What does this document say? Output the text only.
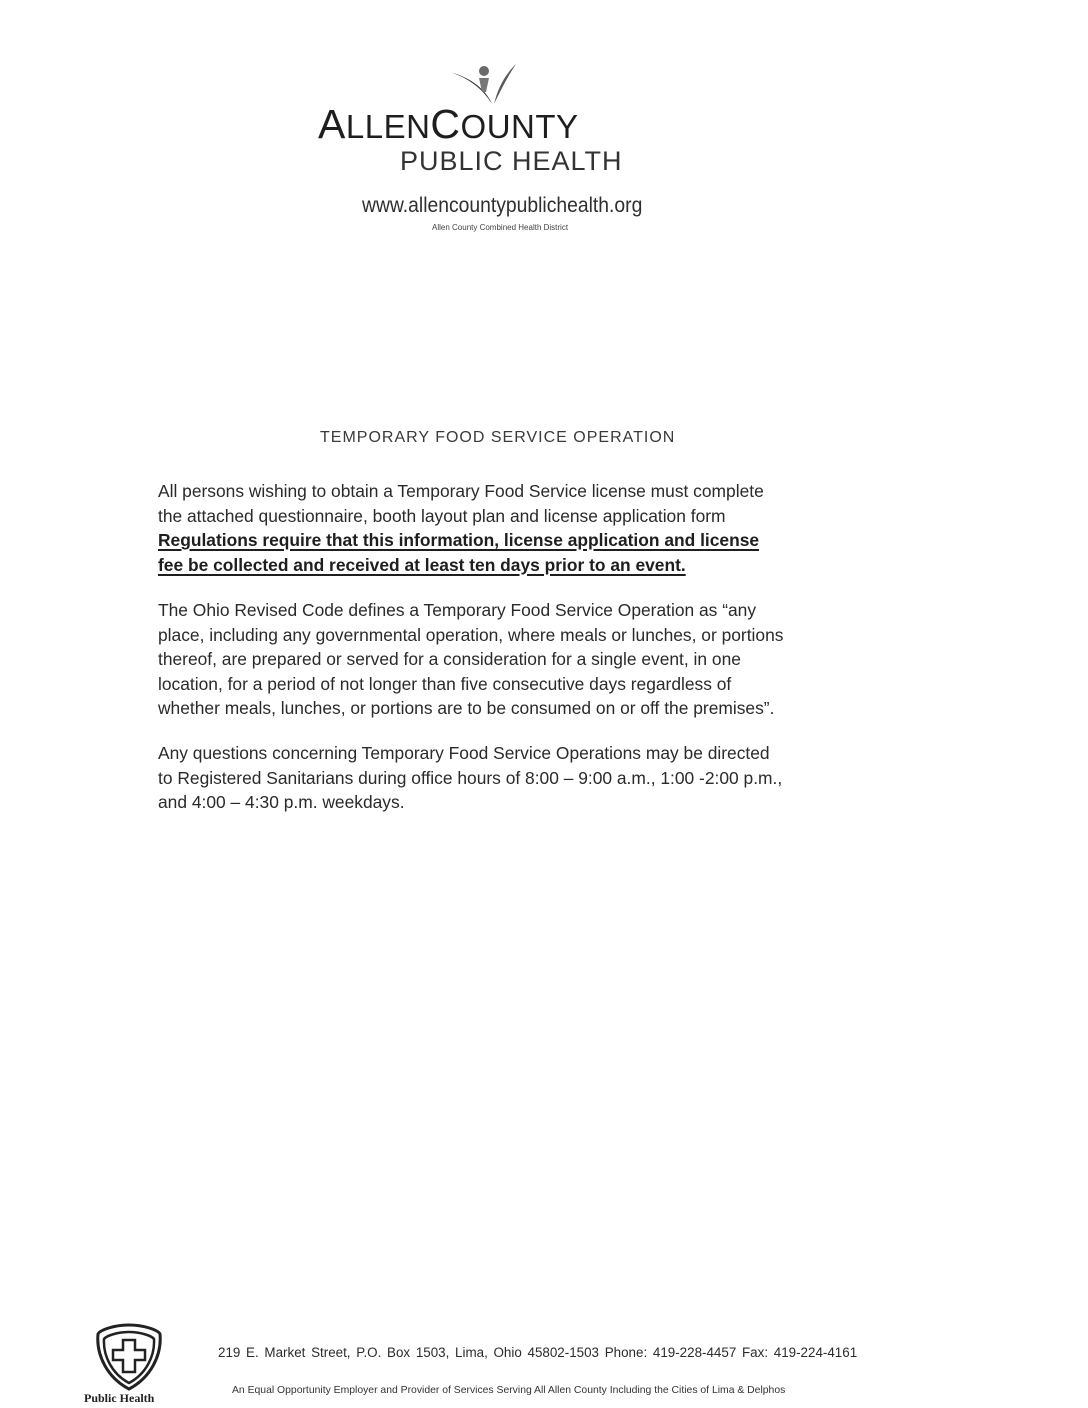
ALLENCOUNTY
PUBLIC HEALTH
www.allencountypublichealth.org
Allen County Combined Health District
TEMPORARY FOOD SERVICE OPERATION

All persons wishing to obtain a Temporary Food Service license must complete
the attached questionnaire, booth layout plan and license application form
Regulations require that this information, license application and license
fee be collected and received at least ten days prior to an event.

The Ohio Revised Code defines a Temporary Food Service Operation as “any
place, including any governmental operation, where meals or lunches, or portions
thereof, are prepared or served for a consideration for a single event, in one
location, for a period of not longer than five consecutive days regardless of
whether meals, lunches, or portions are to be consumed on or off the premises”.

Any questions concerning Temporary Food Service Operations may be directed
to Registered Sanitarians during office hours of 8:00 – 9:00 a.m., 1:00 -2:00 p.m.,
and 4:00 – 4:30 p.m. weekdays.

Public Health
219 E. Market Street, P.O. Box 1503, Lima, Ohio 45802-1503 Phone: 419-228-4457 Fax: 419-224-4161
An Equal Opportunity Employer and Provider of Services Serving All Allen County Including the Cities of Lima & Delphos
